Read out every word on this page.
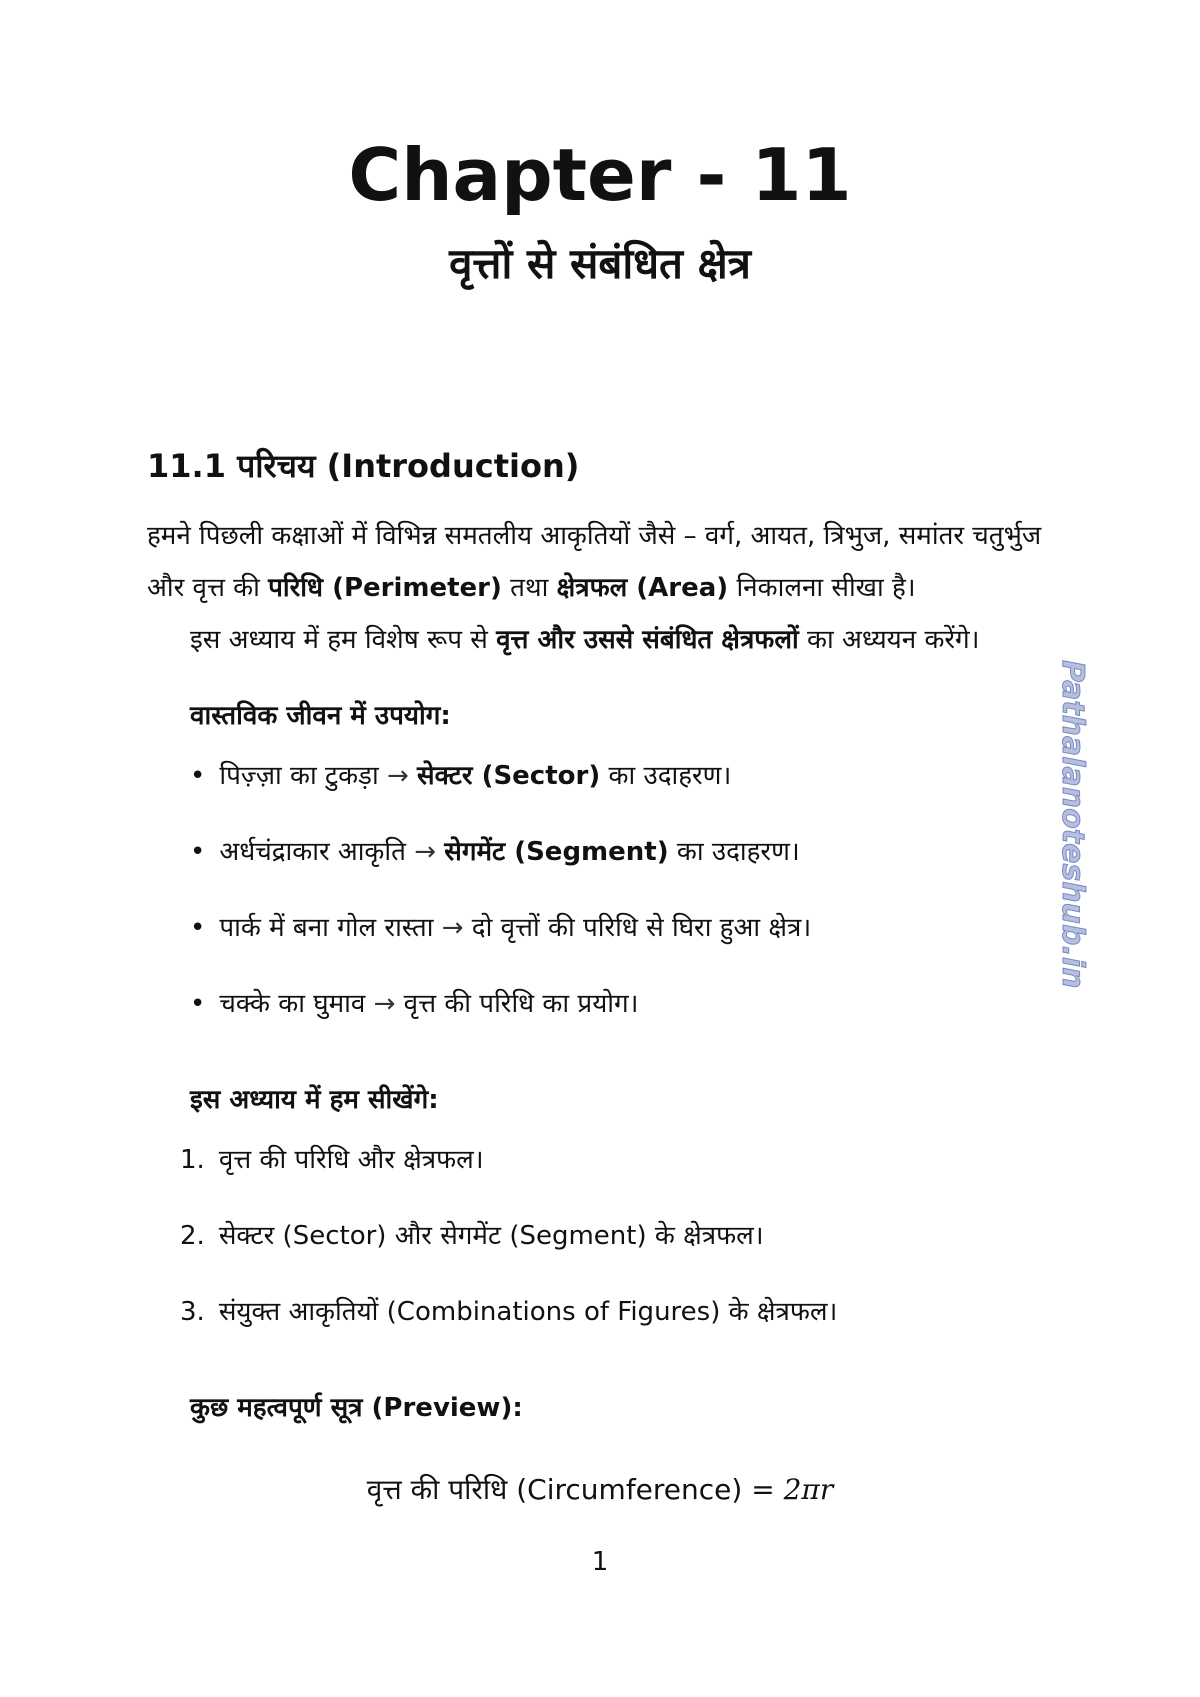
Chapter - 11
वृत्तों से संबंधित क्षेत्र
11.1 परिचय (Introduction)
हमने पिछली कक्षाओं में विभिन्न समतलीय आकृतियों जैसे – वर्ग, आयत, त्रिभुज, समांतर चतुर्भुज और वृत्त की परिधि (Perimeter) तथा क्षेत्रफल (Area) निकालना सीखा है।
इस अध्याय में हम विशेष रूप से वृत्त और उससे संबंधित क्षेत्रफलों का अध्ययन करेंगे।
वास्तविक जीवन में उपयोग:
• पिज़्ज़ा का टुकड़ा → सेक्टर (Sector) का उदाहरण।
• अर्धचंद्राकार आकृति → सेगमेंट (Segment) का उदाहरण।
• पार्क में बना गोल रास्ता → दो वृत्तों की परिधि से घिरा हुआ क्षेत्र।
• चक्के का घुमाव → वृत्त की परिधि का प्रयोग।
इस अध्याय में हम सीखेंगे:
1. वृत्त की परिधि और क्षेत्रफल।
2. सेक्टर (Sector) और सेगमेंट (Segment) के क्षेत्रफल।
3. संयुक्त आकृतियों (Combinations of Figures) के क्षेत्रफल।
कुछ महत्वपूर्ण सूत्र (Preview):
वृत्त की परिधि (Circumference) = 2πr
1
Pathalanoteshub.in
